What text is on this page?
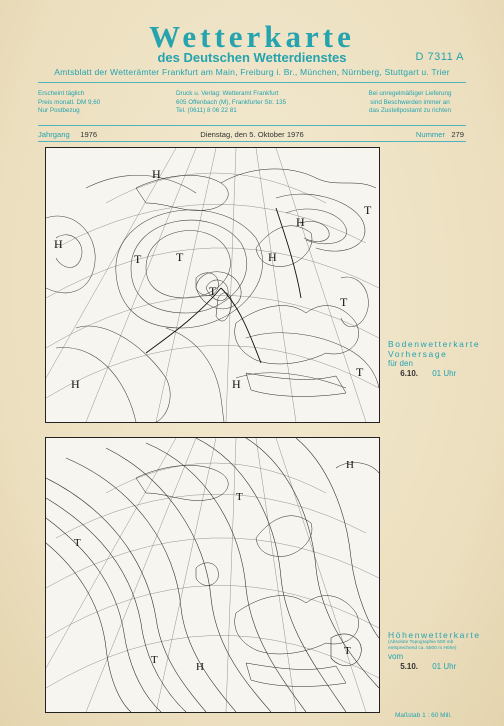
Wetterkarte
des Deutschen Wetterdienstes	D 7311 A
Amtsblatt der Wetterämter Frankfurt am Main, Freiburg i. Br., München, Nürnberg, Stuttgart u. Trier
Erscheint täglich
Preis monatl. DM 9,60
Nur Postbezug
Druck u. Verlag: Wetteramt Frankfurt
605 Offenbach (M), Frankfurter Str. 135
Tel. (0611) 8 06 22 81
Bei unregelmäßiger Lieferung
sind Beschwerden immer an
das Zustellpostamt zu richten
Jahrgang 1976	Dienstag, den 5. Oktober 1976	Nummer 279
H
T	T
H
T
H
T
T
H	H
T
H
Bodenwetterkarte
Vorhersage
für den
6.10. 01 Uhr
T
T
H
T
H
T
Höhenwetterkarte
(Absolute Topographie 500 mb
entsprechend ca. 5500 m Höhe)
vom
5.10. 01 Uhr
Maßstab 1 : 60 Mill.
